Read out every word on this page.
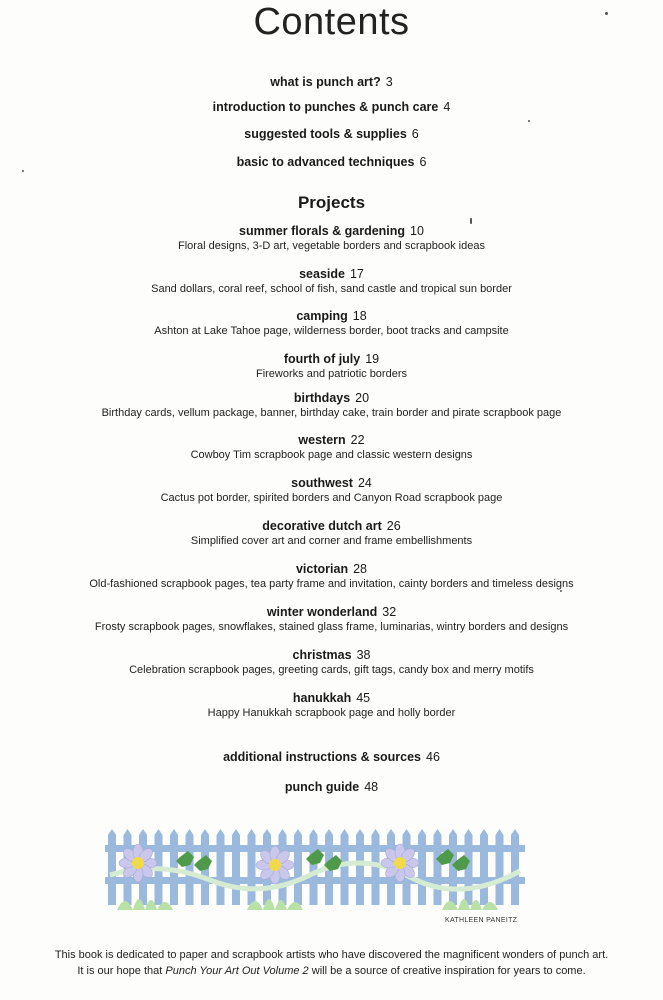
Contents
what is punch art? 3
introduction to punches & punch care 4
suggested tools & supplies 6
basic to advanced techniques 6
Projects
summer florals & gardening 10
Floral designs, 3-D art, vegetable borders and scrapbook ideas
seaside 17
Sand dollars, coral reef, school of fish, sand castle and tropical sun border
camping 18
Ashton at Lake Tahoe page, wilderness border, boot tracks and campsite
fourth of july 19
Fireworks and patriotic borders
birthdays 20
Birthday cards, vellum package, banner, birthday cake, train border and pirate scrapbook page
western 22
Cowboy Tim scrapbook page and classic western designs
southwest 24
Cactus pot border, spirited borders and Canyon Road scrapbook page
decorative dutch art 26
Simplified cover art and corner and frame embellishments
victorian 28
Old-fashioned scrapbook pages, tea party frame and invitation, cainty borders and timeless designs
winter wonderland 32
Frosty scrapbook pages, snowflakes, stained glass frame, luminarias, wintry borders and designs
christmas 38
Celebration scrapbook pages, greeting cards, gift tags, candy box and merry motifs
hanukkah 45
Happy Hanukkah scrapbook page and holly border
additional instructions & sources 46
punch guide 48
KATHLEEN PANEITZ
This book is dedicated to paper and scrapbook artists who have discovered the magnificent wonders of punch art.
It is our hope that Punch Your Art Out Volume 2 will be a source of creative inspiration for years to come.
